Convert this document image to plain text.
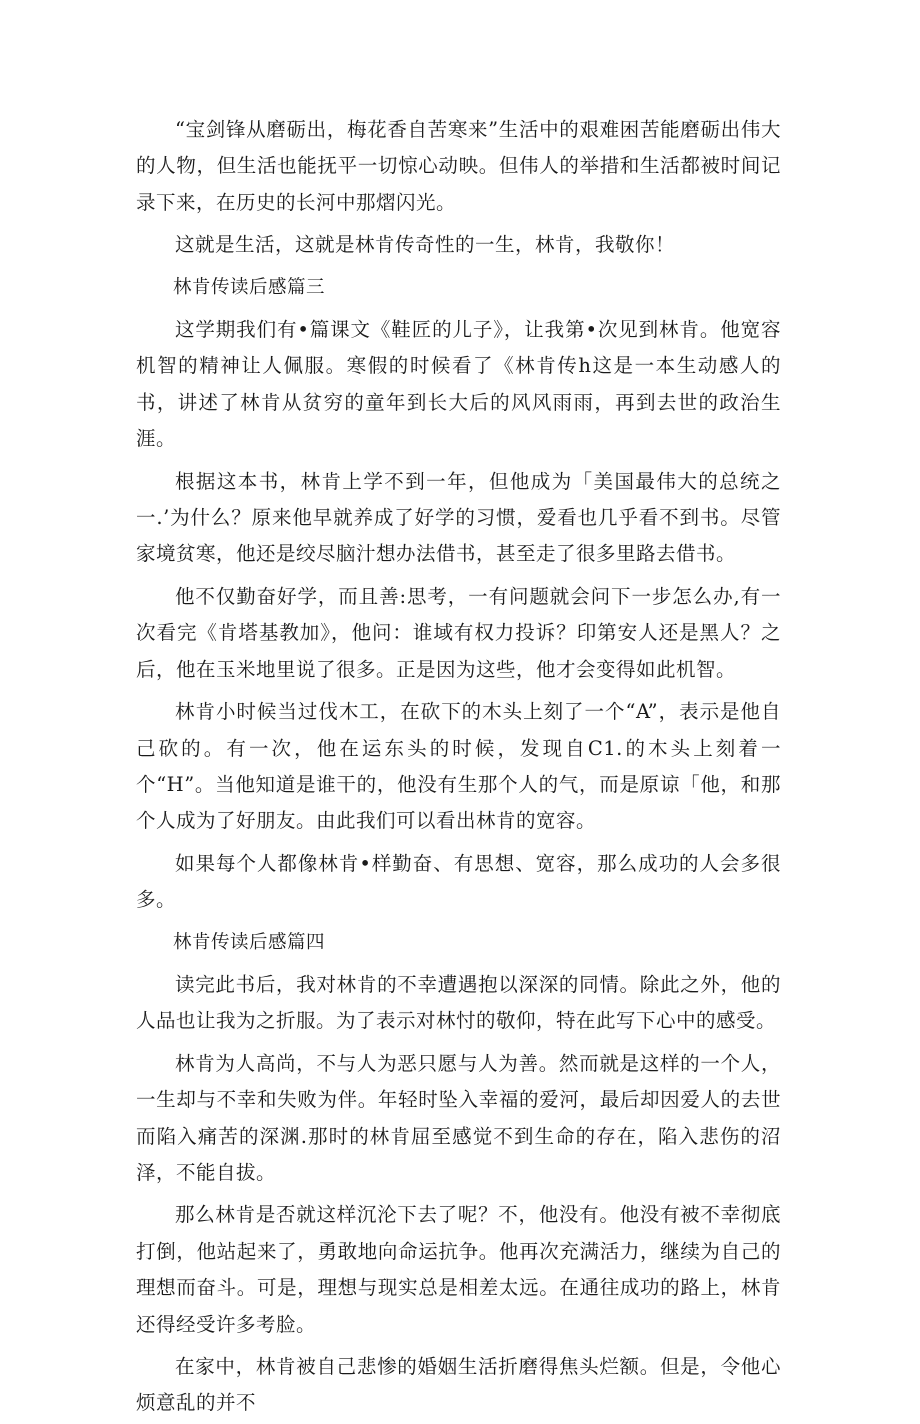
“宝剑锋从磨砺出，梅花香自苦寒来”生活中的艰难困苦能磨砺出伟大的人物，但生活也能抚平一切惊心动映。但伟人的举措和生活都被时间记录下来，在历史的长河中那熠闪光。

这就是生活，这就是林肯传奇性的一生，林肯，我敬你！

林肯传读后感篇三

这学期我们有•篇课文《鞋匠的儿子》，让我第•次见到林肯。他宽容机智的精神让人佩服。寒假的时候看了《林肯传h这是一本生动感人的书，讲述了林肯从贫穷的童年到长大后的风风雨雨，再到去世的政治生涯。

根据这本书，林肯上学不到一年，但他成为「美国最伟大的总统之一.’为什么？原来他早就养成了好学的习惯，爱看也几乎看不到书。尽管家境贫寒，他还是绞尽脑汁想办法借书，甚至走了很多里路去借书。

他不仅勤奋好学，而且善:思考，一有问题就会问下一步怎么办,有一次看完《肯塔基教加》，他问：谁域有权力投诉？印第安人还是黑人？之后，他在玉米地里说了很多。正是因为这些，他才会变得如此机智。

林肯小时候当过伐木工，在砍下的木头上刻了一个“A”，表示是他自己砍的。有一次，他在运东头的时候，发现自C1.的木头上刻着一个“H”。当他知道是谁干的，他没有生那个人的气，而是原谅「他，和那个人成为了好朋友。由此我们可以看出林肯的宽容。

如果每个人都像林肯•样勤奋、有思想、宽容，那么成功的人会多很多。

林肯传读后感篇四

读完此书后，我对林肯的不幸遭遇抱以深深的同情。除此之外，他的人品也让我为之折服。为了表示对林忖的敬仰，特在此写下心中的感受。

林肯为人高尚，不与人为恶只愿与人为善。然而就是这样的一个人，一生却与不幸和失败为伴。年轻时坠入幸福的爱河，最后却因爱人的去世而陷入痛苦的深渊.那时的林肯屈至感觉不到生命的存在，陷入悲伤的沼泽，不能自拔。

那么林肯是否就这样沉沦下去了呢？不，他没有。他没有被不幸彻底打倒，他站起来了，勇敢地向命运抗争。他再次充满活力，继续为自己的理想而奋斗。可是，理想与现实总是相差太远。在通往成功的路上，林肯还得经受许多考脸。

在家中，林肯被自己悲惨的婚姻生活折磨得焦头烂额。但是，令他心烦意乱的并不
